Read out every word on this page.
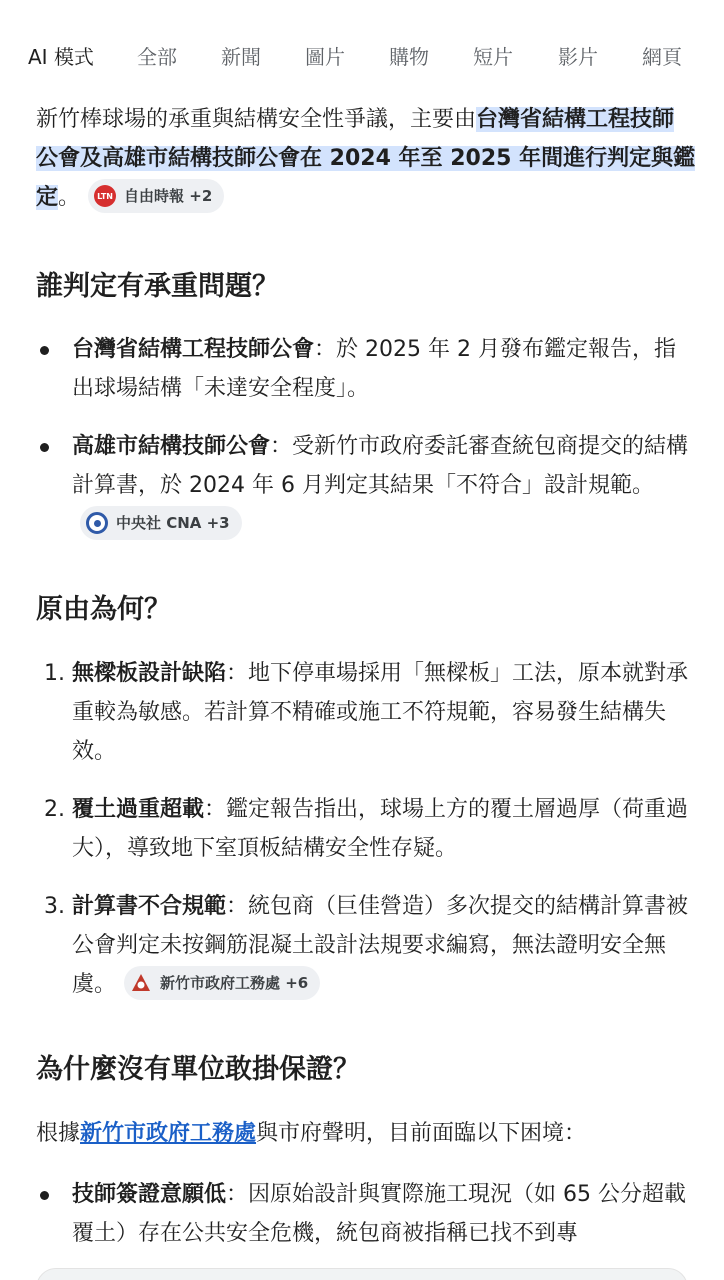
AI 模式 全部 新聞 圖片 購物 短片 影片 網頁

新竹棒球場的承重與結構安全性爭議，主要由台灣省結構工程技師公會及高雄市結構技師公會在 2024 年至 2025 年間進行判定與鑑定。	LTN 自由時報 +2

誰判定有承重問題？
台灣省結構工程技師公會：於 2025 年 2 月發布鑑定報告，指出球場結構「未達安全程度」。
高雄市結構技師公會：受新竹市政府委託審查統包商提交的結構計算書，於 2024 年 6 月判定其結果「不符合」設計規範。
中央社 CNA +3
原由為何？
1. 無樑板設計缺陷：地下停車場採用「無樑板」工法，原本就對承重較為敏感。若計算不精確或施工不符規範，容易發生結構失效。
2. 覆土過重超載：鑑定報告指出，球場上方的覆土層過厚（荷重過大），導致地下室頂板結構安全性存疑。
3. 計算書不合規範：統包商（巨佳營造）多次提交的結構計算書被公會判定未按鋼筋混凝土設計法規要求編寫，無法證明安全無虞。	新竹市政府工務處 +6
為什麼沒有單位敢掛保證？

根據新竹市政府工務處與市府聲明，目前面臨以下困境：

技師簽證意願低：因原始設計與實際施工現況（如 65 公分超載覆土）存在公共安全危機，統包商被指稱已找不到專
